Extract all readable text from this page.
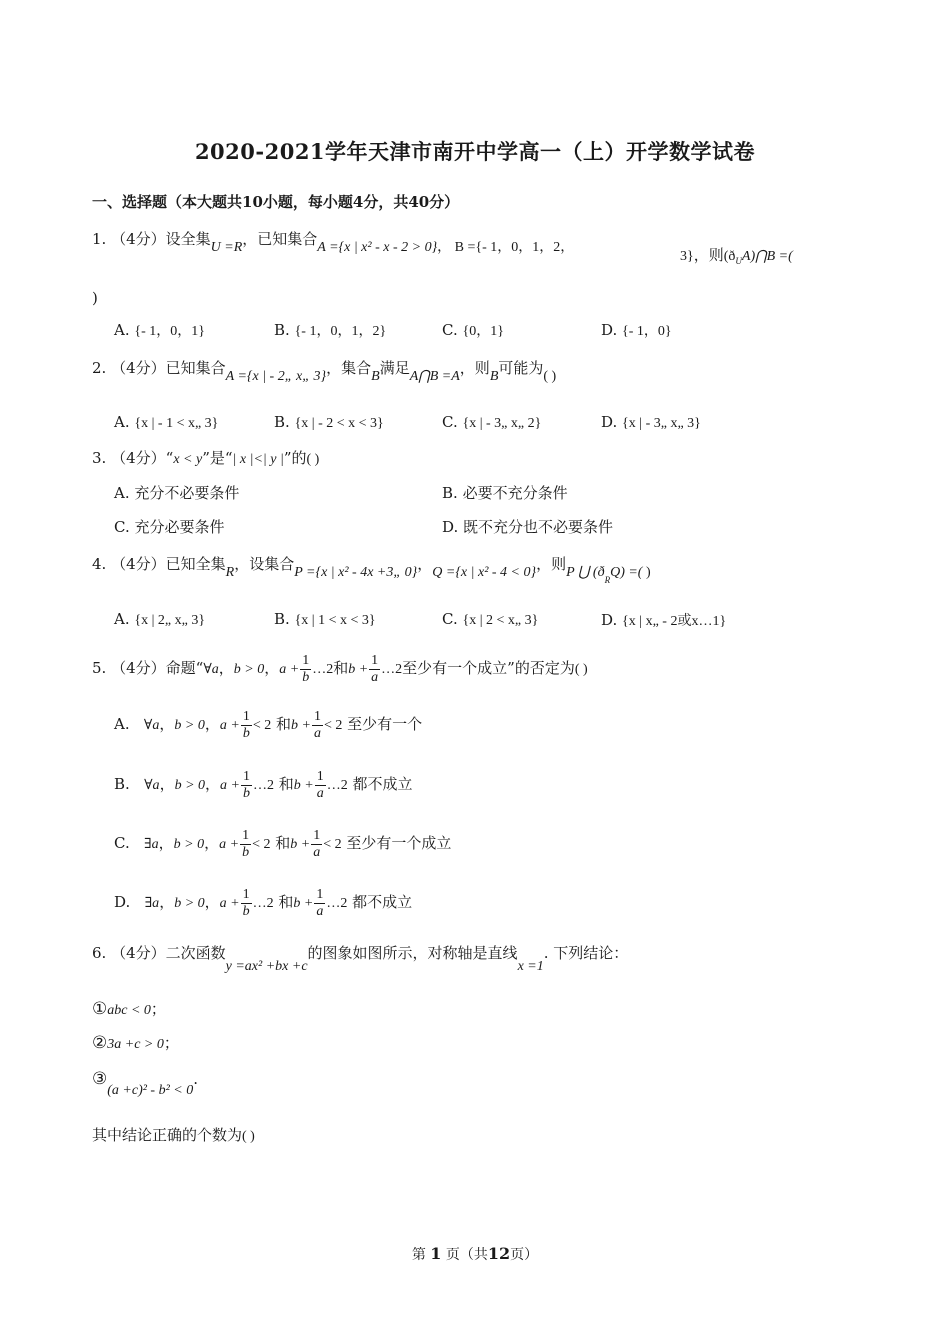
2020-2021学年天津市南开中学高一（上）开学数学试卷
一、选择题（本大题共10小题，每小题4分，共40分）
1. （4分）设全集U =R，已知集合A ={x | x² - x - 2 > 0}， B ={- 1，0，1，2，
3}，则$(ð_UA)⋂B$ =(
)
A. {- 1，0，1}	B. {- 1，0，1，2}	C. {0，1}	D. {- 1，0}
2. （4分）已知集合A ={x | - 2„ x„ 3}，集合B满足A⋂B =A，则B可能为( )
A. {x | - 1 < x„ 3}	B. {x | - 2 < x < 3}	C. {x | - 3„ x„ 2}	D. {x | - 3„ x„ 3}
3. （4分）“x < y”是“| x |<| y |”的( )
A. 充分不必要条件	B. 必要不充分条件
C. 充分必要条件	D. 既不充分也不必要条件
4. （4分）已知全集R，设集合P ={x | x² - 4x +3„ 0}，Q ={x | x² - 4 < 0}，则P ⋃ $(ð_RQ)$ =( )
A. {x | 2„ x„ 3}	B. {x | 1 < x < 3}	C. {x | 2 < x„ 3}	D. {x | x„ - 2或x…1}
5. （4分）命题“∀a，b > 0，$a + \frac{1}{b}$ …2和$b + \frac{1}{a}$ …2至少有一个成立”的否定为( )
A. ∀a，b > 0，$a + \frac{1}{b} < 2$ 和$b + \frac{1}{a} < 2$ 至少有一个
B. ∀a，b > 0，$a + \frac{1}{b}$ …2 和$b + \frac{1}{a}$ …2 都不成立
C. ∃a，b > 0，$a + \frac{1}{b} < 2$ 和$b + \frac{1}{a} < 2$ 至少有一个成立
D. ∃a，b > 0，$a + \frac{1}{b}$ …2 和$b + \frac{1}{a}$ …2 都不成立
6. （4分）二次函数y =ax² +bx +c的图象如图所示，对称轴是直线x =1. 下列结论：
①abc < 0；
②3a +c > 0；
③(a +c)² - b² < 0.
其中结论正确的个数为( )
第 1 页（共12页）
